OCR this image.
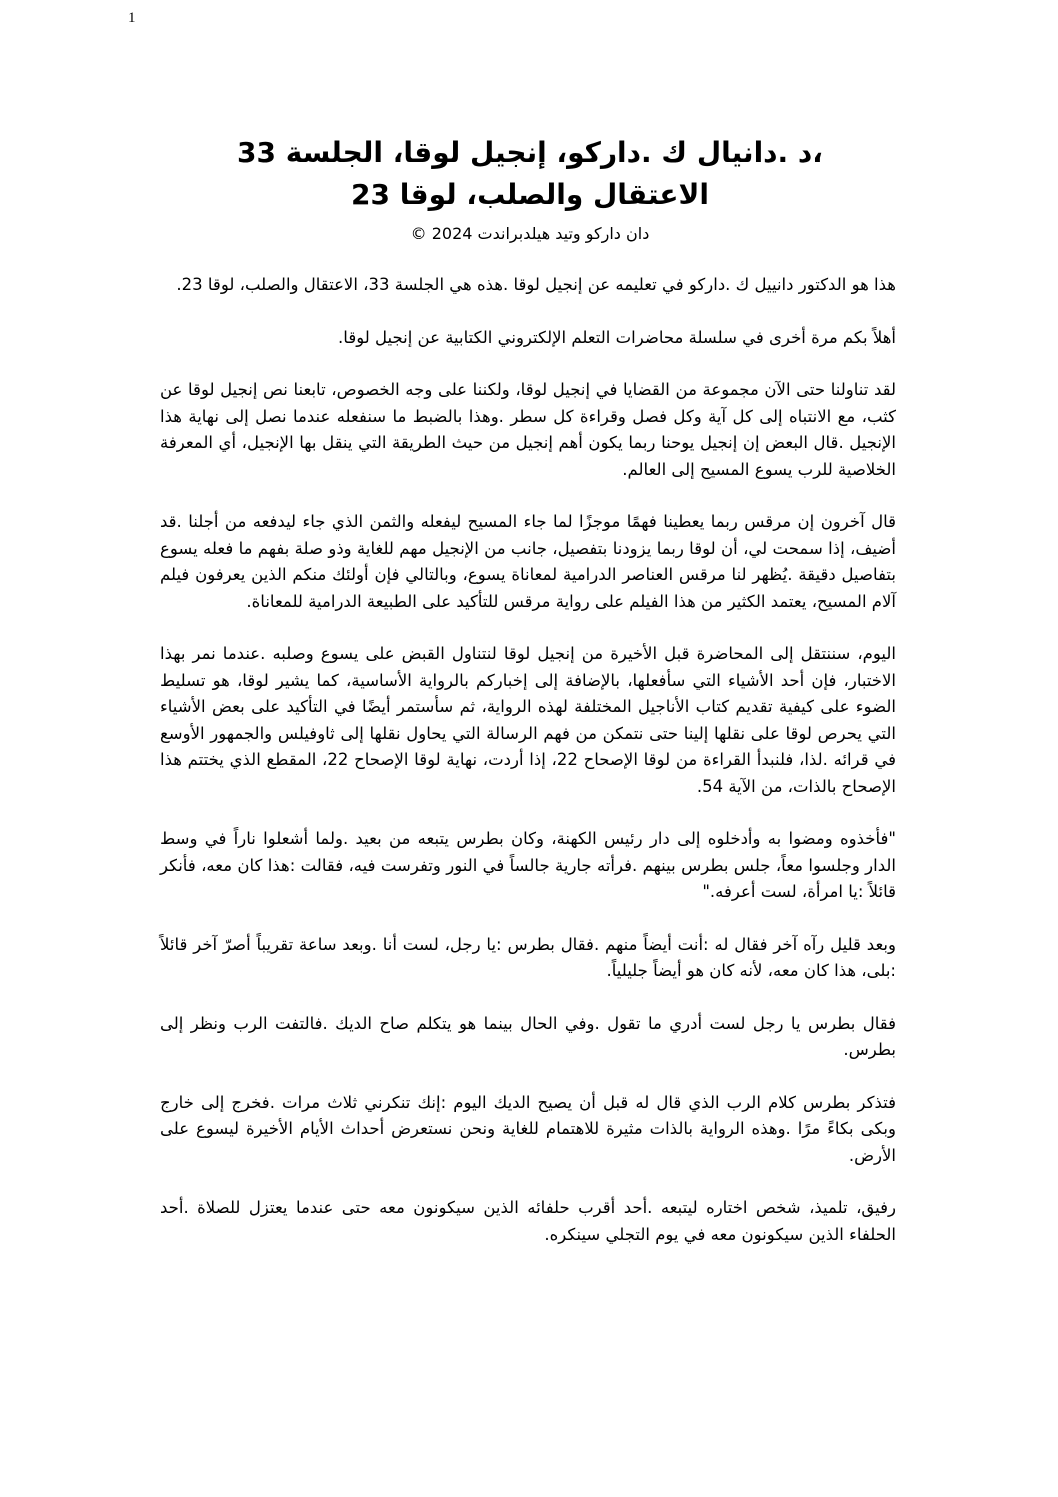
1
،د .دانيال ك .داركو، إنجيل لوقا، الجلسة 33
الاعتقال والصلب، لوقا 23
دان داركو وتيد هيلدبراندت 2024 ©

هذا هو الدكتور دانييل ك .داركو في تعليمه عن إنجيل لوقا .هذه هي الجلسة 33، الاعتقال والصلب، لوقا 23.

أهلاً بكم مرة أخرى في سلسلة محاضرات التعلم الإلكتروني الكتابية عن إنجيل لوقا.

لقد تناولنا حتى الآن مجموعة من القضايا في إنجيل لوقا، ولكننا على وجه الخصوص، تابعنا نص إنجيل لوقا عن كثب، مع الانتباه إلى كل آية وكل فصل وقراءة كل سطر .وهذا بالضبط ما سنفعله عندما نصل إلى نهاية هذا الإنجيل .قال البعض إن إنجيل يوحنا ربما يكون أهم إنجيل من حيث الطريقة التي ينقل بها الإنجيل، أي المعرفة الخلاصية للرب يسوع المسيح إلى العالم.

قال آخرون إن مرقس ربما يعطينا فهمًا موجزًا لما جاء المسيح ليفعله والثمن الذي جاء ليدفعه من أجلنا .قد أضيف، إذا سمحت لي، أن لوقا ربما يزودنا بتفصيل، جانب من الإنجيل مهم للغاية وذو صلة بفهم ما فعله يسوع بتفاصيل دقيقة .يُظهر لنا مرقس العناصر الدرامية لمعاناة يسوع، وبالتالي فإن أولئك منكم الذين يعرفون فيلم آلام المسيح، يعتمد الكثير من هذا الفيلم على رواية مرقس للتأكيد على الطبيعة الدرامية للمعاناة.

اليوم، سننتقل إلى المحاضرة قبل الأخيرة من إنجيل لوقا لنتناول القبض على يسوع وصلبه .عندما نمر بهذا الاختبار، فإن أحد الأشياء التي سأفعلها، بالإضافة إلى إخباركم بالرواية الأساسية، كما يشير لوقا، هو تسليط الضوء على كيفية تقديم كتاب الأناجيل المختلفة لهذه الرواية، ثم سأستمر أيضًا في التأكيد على بعض الأشياء التي يحرص لوقا على نقلها إلينا حتى نتمكن من فهم الرسالة التي يحاول نقلها إلى ثاوفيلس والجمهور الأوسع في قرائه .لذا، فلنبدأ القراءة من لوقا الإصحاح 22، إذا أردت، نهاية لوقا الإصحاح 22، المقطع الذي يختتم هذا الإصحاح بالذات، من الآية 54.

"فأخذوه ومضوا به وأدخلوه إلى دار رئيس الكهنة، وكان بطرس يتبعه من بعيد .ولما أشعلوا ناراً في وسط الدار وجلسوا معاً، جلس بطرس بينهم .فرأته جارية جالساً في النور وتفرست فيه، فقالت :هذا كان معه، فأنكر قائلاً :يا امرأة، لست أعرفه."

وبعد قليل رآه آخر فقال له :أنت أيضاً منهم .فقال بطرس :يا رجل، لست أنا .وبعد ساعة تقريباً أصرّ آخر قائلاً :بلى، هذا كان معه، لأنه كان هو أيضاً جليلياً.

فقال بطرس يا رجل لست أدري ما تقول .وفي الحال بينما هو يتكلم صاح الديك .فالتفت الرب ونظر إلى بطرس.

فتذكر بطرس كلام الرب الذي قال له قبل أن يصيح الديك اليوم :إنك تنكرني ثلاث مرات .فخرج إلى خارج وبكى بكاءً مرًا .وهذه الرواية بالذات مثيرة للاهتمام للغاية ونحن نستعرض أحداث الأيام الأخيرة ليسوع على الأرض.

رفيق، تلميذ، شخص اختاره ليتبعه .أحد أقرب حلفائه الذين سيكونون معه حتى عندما يعتزل للصلاة .أحد الحلفاء الذين سيكونون معه في يوم التجلي سينكره.
